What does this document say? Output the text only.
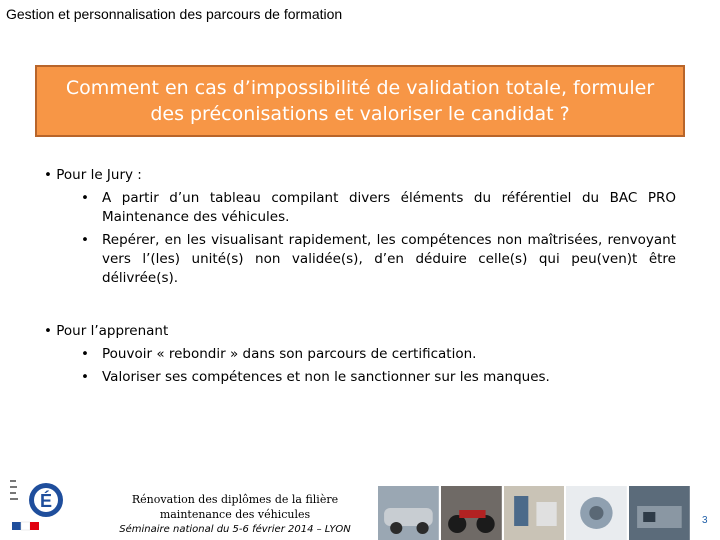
Gestion et personnalisation des parcours de formation
Comment en cas d’impossibilité de validation totale, formuler
des préconisations et valoriser le candidat ?
• Pour le Jury :
• A partir d’un tableau compilant divers éléments du référentiel du BAC PRO Maintenance des véhicules.
• Repérer, en les visualisant rapidement, les compétences non maîtrisées, renvoyant vers l’(les) unité(s) non validée(s), d’en déduire celle(s) qui peu(ven)t être délivrée(s).
• Pour l’apprenant
• Pouvoir « rebondir » dans son parcours de certification.
• Valoriser ses compétences et non le sanctionner sur les manques.
É	Rénovation des diplômes de la filière
maintenance des véhicules
Séminaire national du 5-6 février 2014 – LYON
3
